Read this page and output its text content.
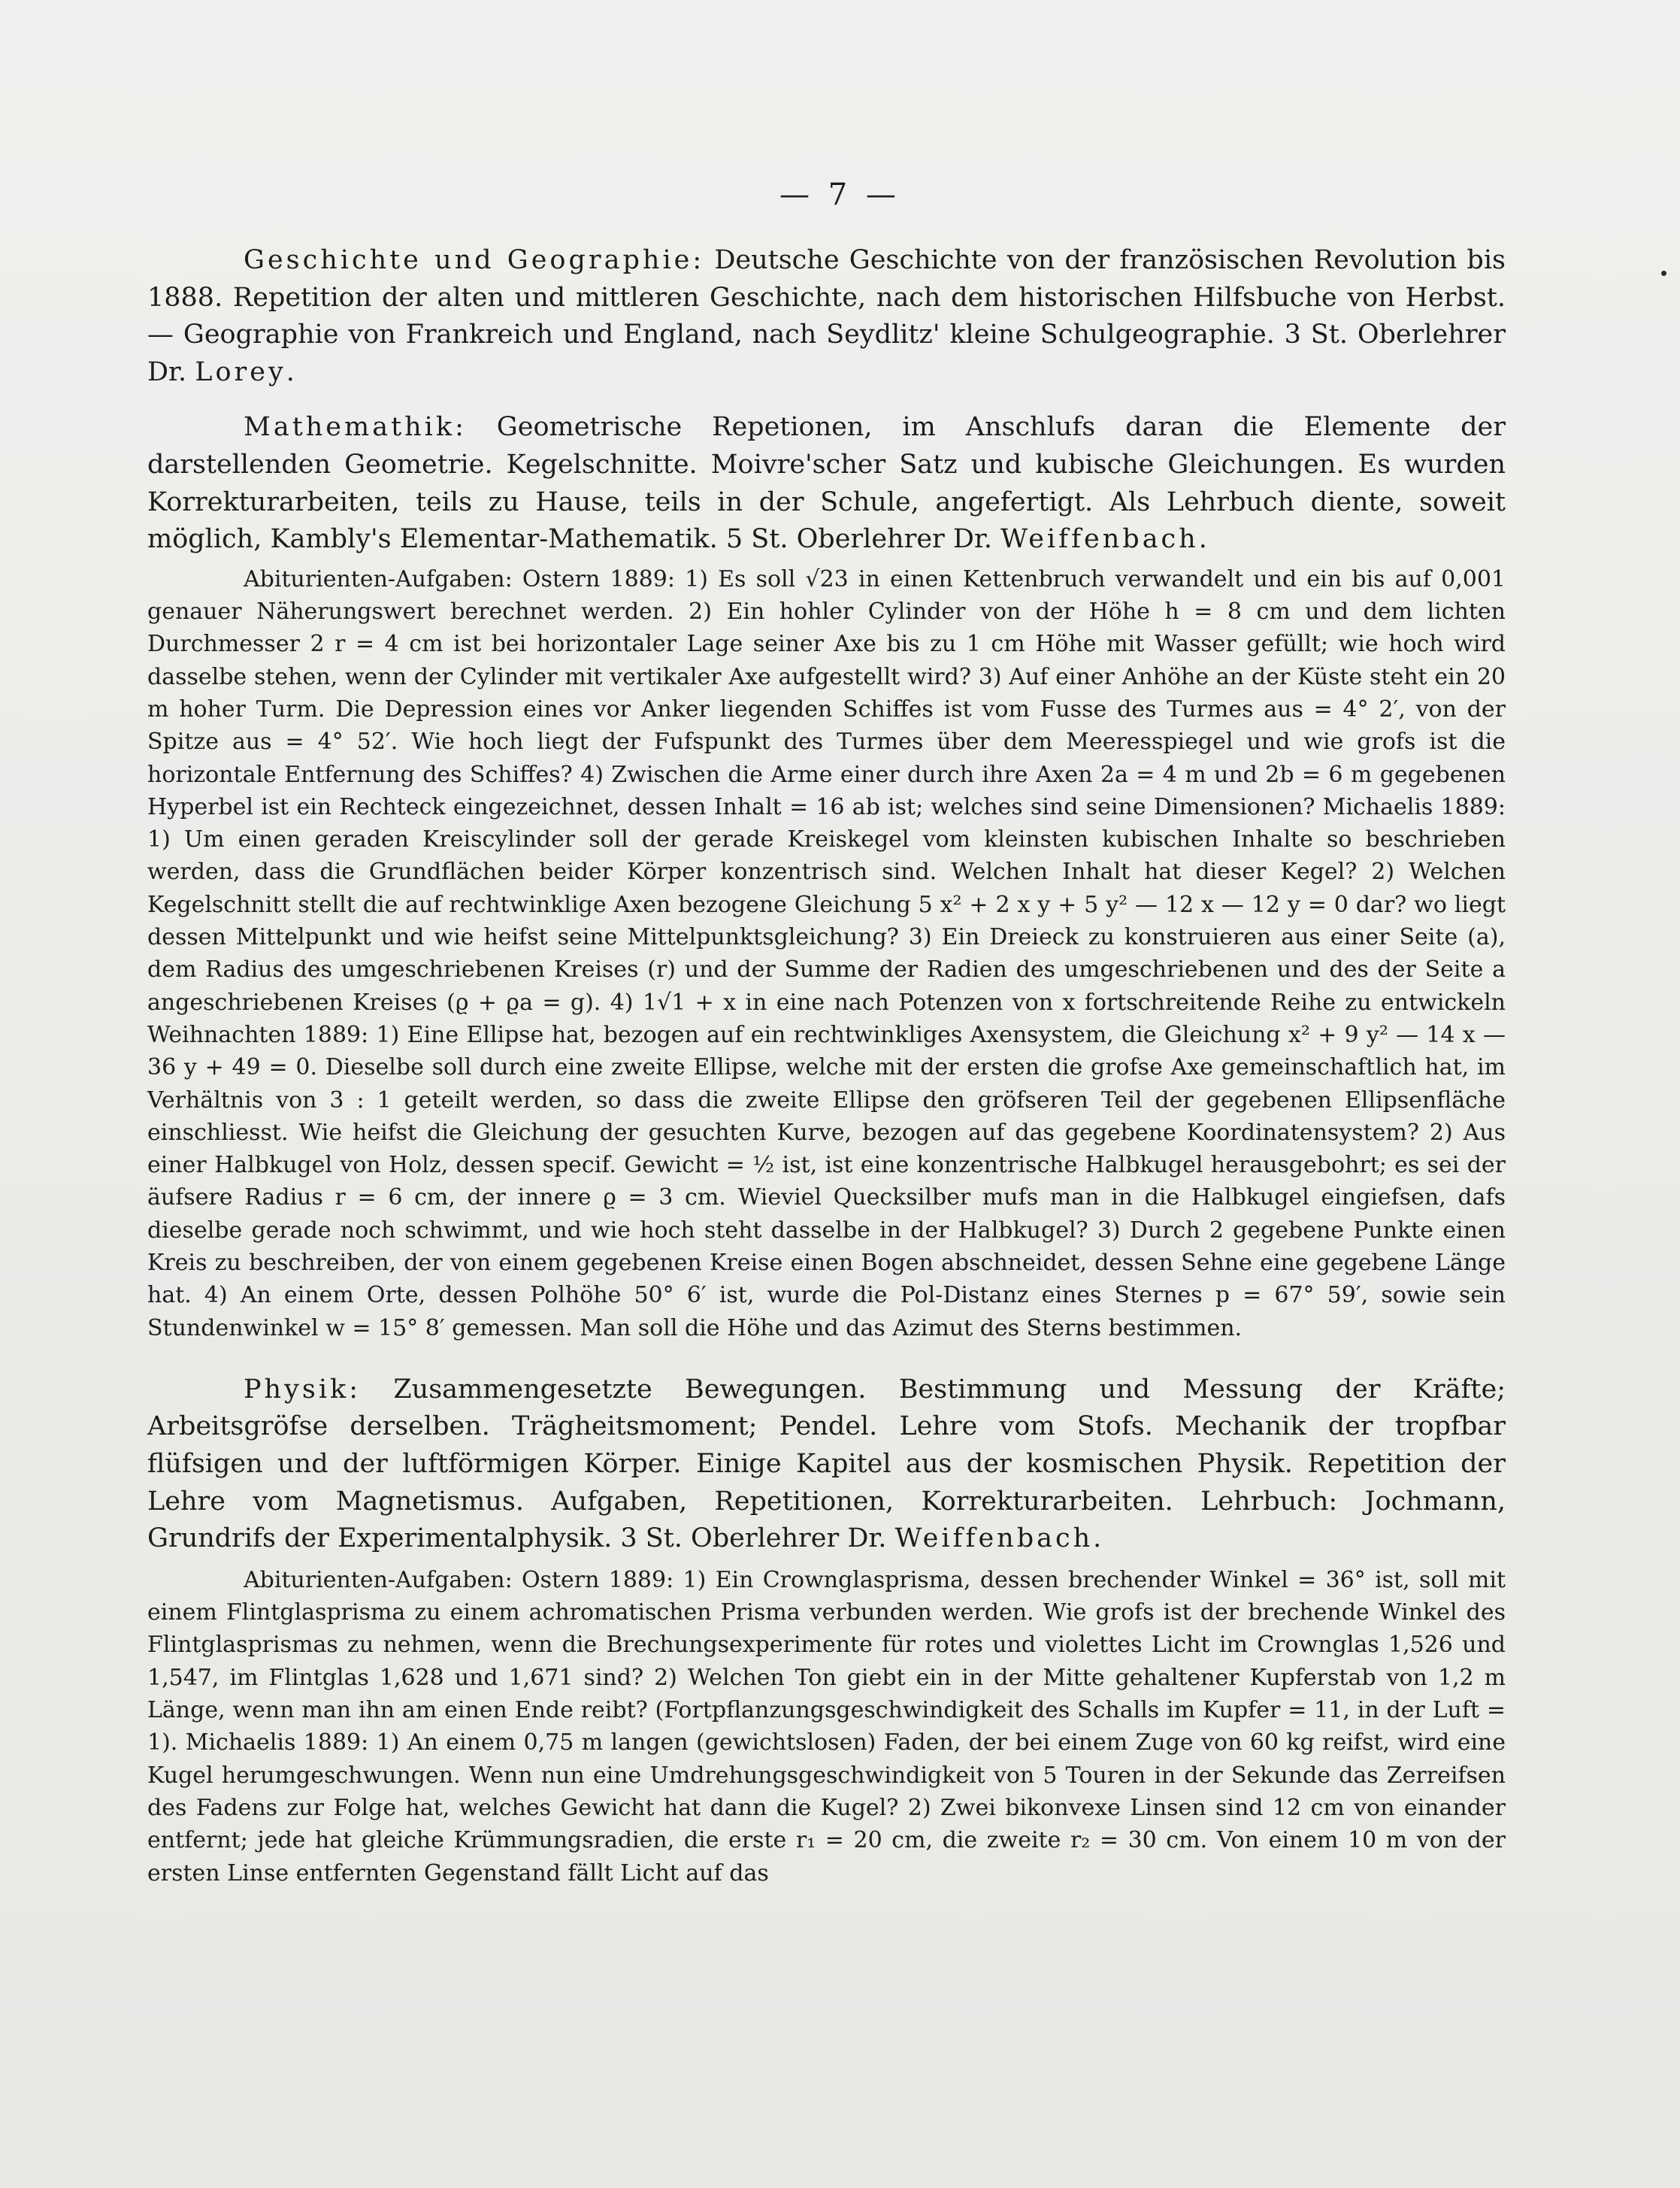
— 7 —

Geschichte und Geographie: Deutsche Geschichte von der französischen Revolution bis 1888. Repetition der alten und mittleren Geschichte, nach dem historischen Hilfsbuche von Herbst. — Geographie von Frankreich und England, nach Seydlitz' kleine Schulgeographie. 3 St. Oberlehrer Dr. Lorey.

Mathemathik: Geometrische Repetionen, im Anschlufs daran die Elemente der darstellenden Geometrie. Kegelschnitte. Moivre'scher Satz und kubische Gleichungen. Es wurden Korrekturarbeiten, teils zu Hause, teils in der Schule, angefertigt. Als Lehrbuch diente, soweit möglich, Kambly's Elementar-Mathematik. 5 St. Oberlehrer Dr. Weiffenbach.

Abiturienten-Aufgaben: Ostern 1889: 1) Es soll √23 in einen Kettenbruch verwandelt und ein bis auf 0,001 genauer Näherungswert berechnet werden. 2) Ein hohler Cylinder von der Höhe h = 8 cm und dem lichten Durchmesser 2 r = 4 cm ist bei horizontaler Lage seiner Axe bis zu 1 cm Höhe mit Wasser gefüllt; wie hoch wird dasselbe stehen, wenn der Cylinder mit vertikaler Axe aufgestellt wird? 3) Auf einer Anhöhe an der Küste steht ein 20 m hoher Turm. Die Depression eines vor Anker liegenden Schiffes ist vom Fusse des Turmes aus = 4° 2′, von der Spitze aus = 4° 52′. Wie hoch liegt der Fufspunkt des Turmes über dem Meeresspiegel und wie grofs ist die horizontale Entfernung des Schiffes? 4) Zwischen die Arme einer durch ihre Axen 2a = 4 m und 2b = 6 m gegebenen Hyperbel ist ein Rechteck eingezeichnet, dessen Inhalt = 16 ab ist; welches sind seine Dimensionen? Michaelis 1889: 1) Um einen geraden Kreiscylinder soll der gerade Kreiskegel vom kleinsten kubischen Inhalte so beschrieben werden, dass die Grundflächen beider Körper konzentrisch sind. Welchen Inhalt hat dieser Kegel? 2) Welchen Kegelschnitt stellt die auf rechtwinklige Axen bezogene Gleichung 5 x² + 2 x y + 5 y² — 12 x — 12 y = 0 dar? wo liegt dessen Mittelpunkt und wie heifst seine Mittelpunktsgleichung? 3) Ein Dreieck zu konstruieren aus einer Seite (a), dem Radius des umgeschriebenen Kreises (r) und der Summe der Radien des umgeschriebenen und des der Seite a angeschriebenen Kreises (ϱ + ϱa = g). 4) 1√1 + x in eine nach Potenzen von x fortschreitende Reihe zu entwickeln Weihnachten 1889: 1) Eine Ellipse hat, bezogen auf ein rechtwinkliges Axensystem, die Gleichung x² + 9 y² — 14 x — 36 y + 49 = 0. Dieselbe soll durch eine zweite Ellipse, welche mit der ersten die grofse Axe gemeinschaftlich hat, im Verhältnis von 3 : 1 geteilt werden, so dass die zweite Ellipse den gröfseren Teil der gegebenen Ellipsenfläche einschliesst. Wie heifst die Gleichung der gesuchten Kurve, bezogen auf das gegebene Koordinatensystem? 2) Aus einer Halbkugel von Holz, dessen specif. Gewicht = ½ ist, ist eine konzentrische Halbkugel herausgebohrt; es sei der äufsere Radius r = 6 cm, der innere ϱ = 3 cm. Wieviel Quecksilber mufs man in die Halbkugel eingiefsen, dafs dieselbe gerade noch schwimmt, und wie hoch steht dasselbe in der Halbkugel? 3) Durch 2 gegebene Punkte einen Kreis zu beschreiben, der von einem gegebenen Kreise einen Bogen abschneidet, dessen Sehne eine gegebene Länge hat. 4) An einem Orte, dessen Polhöhe 50° 6′ ist, wurde die Pol-Distanz eines Sternes p = 67° 59′, sowie sein Stundenwinkel w = 15° 8′ gemessen. Man soll die Höhe und das Azimut des Sterns bestimmen.

Physik: Zusammengesetzte Bewegungen. Bestimmung und Messung der Kräfte; Arbeitsgröfse derselben. Trägheitsmoment; Pendel. Lehre vom Stofs. Mechanik der tropfbar flüfsigen und der luftförmigen Körper. Einige Kapitel aus der kosmischen Physik. Repetition der Lehre vom Magnetismus. Aufgaben, Repetitionen, Korrekturarbeiten. Lehrbuch: Jochmann, Grundrifs der Experimentalphysik. 3 St. Oberlehrer Dr. Weiffenbach.

Abiturienten-Aufgaben: Ostern 1889: 1) Ein Crownglasprisma, dessen brechender Winkel = 36° ist, soll mit einem Flintglasprisma zu einem achromatischen Prisma verbunden werden. Wie grofs ist der brechende Winkel des Flintglasprismas zu nehmen, wenn die Brechungsexperimente für rotes und violettes Licht im Crownglas 1,526 und 1,547, im Flintglas 1,628 und 1,671 sind? 2) Welchen Ton giebt ein in der Mitte gehaltener Kupferstab von 1,2 m Länge, wenn man ihn am einen Ende reibt? (Fortpflanzungsgeschwindigkeit des Schalls im Kupfer = 11, in der Luft = 1). Michaelis 1889: 1) An einem 0,75 m langen (gewichtslosen) Faden, der bei einem Zuge von 60 kg reifst, wird eine Kugel herumgeschwungen. Wenn nun eine Umdrehungsgeschwindigkeit von 5 Touren in der Sekunde das Zerreifsen des Fadens zur Folge hat, welches Gewicht hat dann die Kugel? 2) Zwei bikonvexe Linsen sind 12 cm von einander entfernt; jede hat gleiche Krümmungsradien, die erste r₁ = 20 cm, die zweite r₂ = 30 cm. Von einem 10 m von der ersten Linse entfernten Gegenstand fällt Licht auf das
